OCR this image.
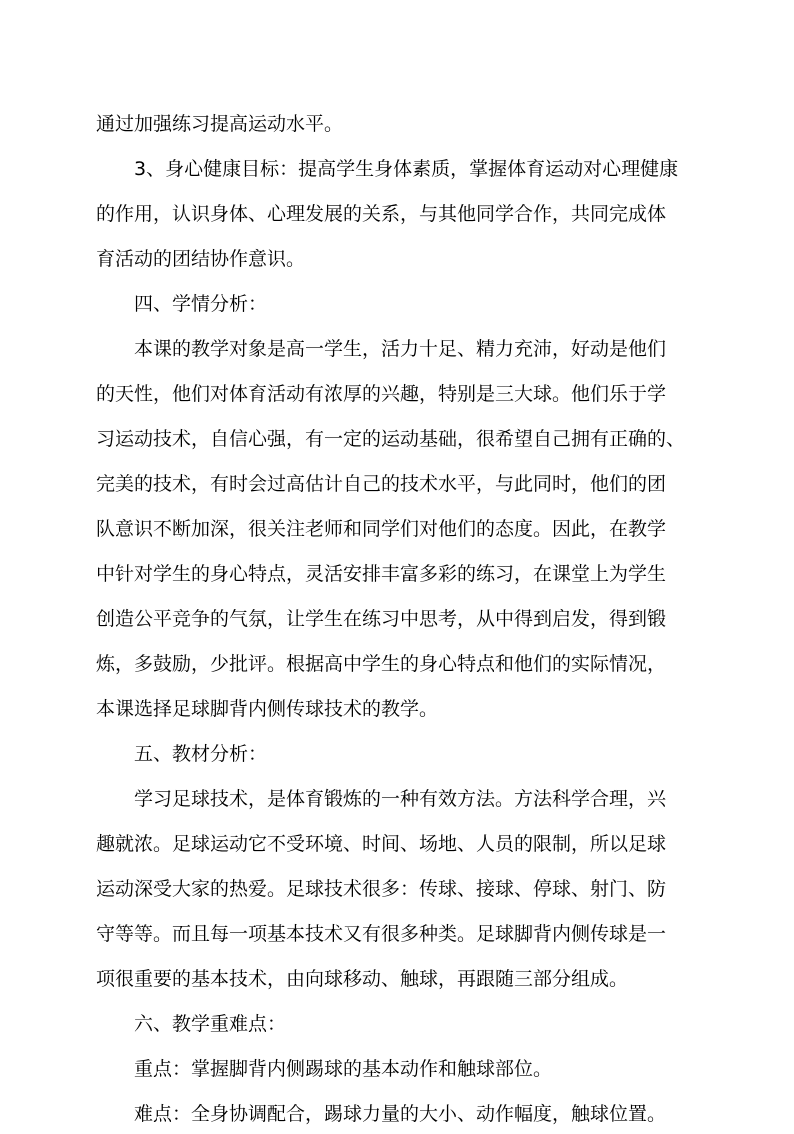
通过加强练习提高运动水平。
3、身心健康目标：提高学生身体素质，掌握体育运动对心理健康
的作用，认识身体、心理发展的关系，与其他同学合作，共同完成体
育活动的团结协作意识。
四、学情分析：
本课的教学对象是高一学生，活力十足、精力充沛，好动是他们
的天性，他们对体育活动有浓厚的兴趣，特别是三大球。他们乐于学
习运动技术，自信心强，有一定的运动基础，很希望自己拥有正确的、
完美的技术，有时会过高估计自己的技术水平，与此同时，他们的团
队意识不断加深，很关注老师和同学们对他们的态度。因此，在教学
中针对学生的身心特点，灵活安排丰富多彩的练习，在课堂上为学生
创造公平竞争的气氛，让学生在练习中思考，从中得到启发，得到锻
炼，多鼓励，少批评。根据高中学生的身心特点和他们的实际情况，
本课选择足球脚背内侧传球技术的教学。
五、教材分析：
学习足球技术，是体育锻炼的一种有效方法。方法科学合理，兴
趣就浓。足球运动它不受环境、时间、场地、人员的限制，所以足球
运动深受大家的热爱。足球技术很多：传球、接球、停球、射门、防
守等等。而且每一项基本技术又有很多种类。足球脚背内侧传球是一
项很重要的基本技术，由向球移动、触球，再跟随三部分组成。
六、教学重难点：
重点：掌握脚背内侧踢球的基本动作和触球部位。
难点：全身协调配合，踢球力量的大小、动作幅度，触球位置。
